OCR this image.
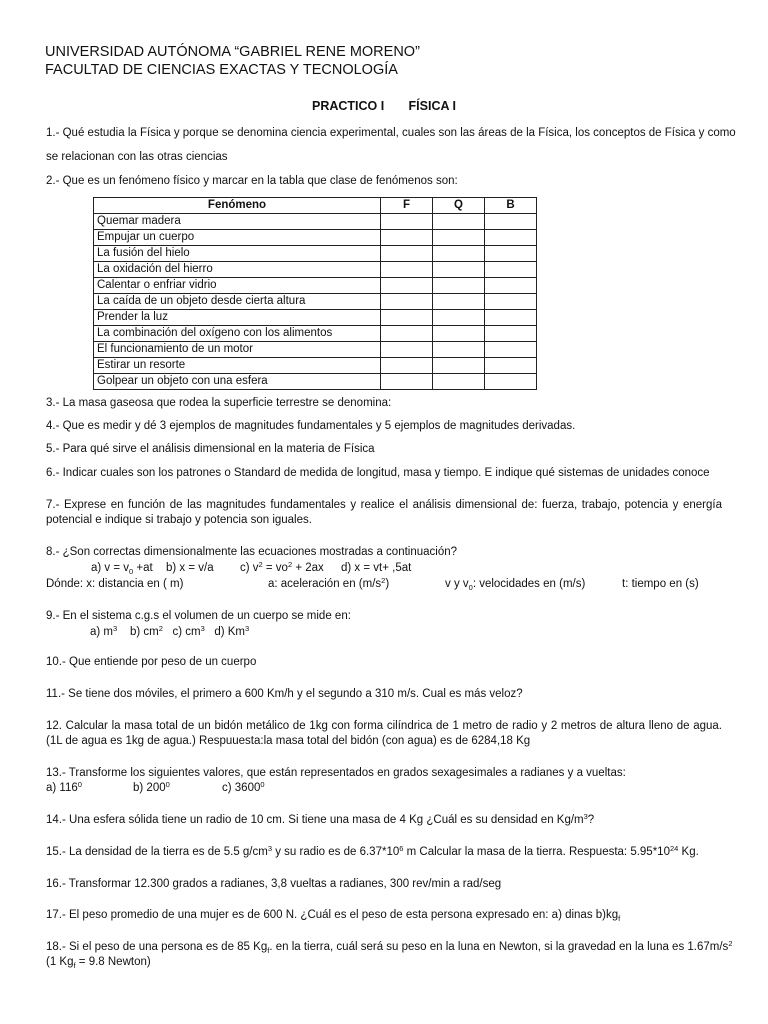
UNIVERSIDAD AUTÓNOMA “GABRIEL RENE MORENO”
FACULTAD DE CIENCIAS EXACTAS Y TECNOLOGÍA
PRACTICO I       FÍSICA I
1.- Qué estudia la Física y porque se denomina ciencia experimental, cuales son las áreas de la Física, los conceptos de Física y como
se relacionan con las otras ciencias
2.- Que es un fenómeno físico y marcar en la tabla que clase de fenómenos son:
Fenómeno	F	Q	B
Quemar madera			
Empujar un cuerpo			
La fusión del hielo			
La oxidación del hierro			
Calentar o enfriar vidrio			
La caída de un objeto desde cierta altura			
Prender la luz			
La combinación del oxígeno con los alimentos			
El funcionamiento de un motor			
Estirar un resorte			
Golpear un objeto con una esfera			
3.- La masa gaseosa que rodea la superficie terrestre se denomina:
4.- Que es medir y dé 3 ejemplos de magnitudes fundamentales y 5 ejemplos de magnitudes derivadas.
5.- Para qué sirve el análisis dimensional en la materia de Física
6.- Indicar cuales son los patrones o Standard de medida de longitud, masa y tiempo. E indique qué sistemas de unidades conoce
7.- Exprese en función de las magnitudes fundamentales y realice el análisis dimensional de: fuerza, trabajo, potencia y energía potencial e indique si trabajo y potencia son iguales.
8.- ¿Son correctas dimensionalmente las ecuaciones mostradas a continuación?
a) v = v0 +at b) x = v/a c) $v^2 = vo^2 + 2ax$ d) x = vt+ ,5at
Dónde: x: distancia en ( m)	a: aceleración en $(m/s^2)$	v y v0: velocidades en (m/s)	t: tiempo en (s)
9.- En el sistema c.g.s el volumen de un cuerpo se mide en:
a) $m^3$ b) $cm^2$ c) $cm^3$ d) Km$^3$
10.- Que entiende por peso de un cuerpo
11.- Se tiene dos móviles, el primero a 600 Km/h y el segundo a 310 m/s. Cual es más veloz?
12. Calcular la masa total de un bidón metálico de 1kg con forma cilíndrica de 1 metro de radio y 2 metros de altura lleno de agua. (1L de agua es 1kg de agua.) Respuuesta:la masa total del bidón (con agua) es de 6284,18 Kg
13.- Transforme los siguientes valores, que están representados en grados sexagesimales a radianes y a vueltas:
a) $116^0$	b) $200^0$	c) 3600$^0$
14.- Una esfera sólida tiene un radio de 10 cm. Si tiene una masa de 4 Kg ¿Cuál es su densidad en $Kg/m^3$?
15.- La densidad de la tierra es de 5.5 $g/cm^3$ y su radio es de $6.37*10^6$ m Calcular la masa de la tierra. Respuesta: $5.95*10^{24}$ Kg.
16.- Transformar 12.300 grados a radianes, 3,8 vueltas a radianes, 300 rev/min a rad/seg
17.- El peso promedio de una mujer es de 600 N. ¿Cuál es el peso de esta persona expresado en: a) dinas b)kgf
18.- Si el peso de una persona es de 85 Kgf. en la tierra, cuál será su peso en la luna en Newton, si la gravedad en la luna es $1.67m/s^2$
(1 Kgf = 9.8 Newton)
